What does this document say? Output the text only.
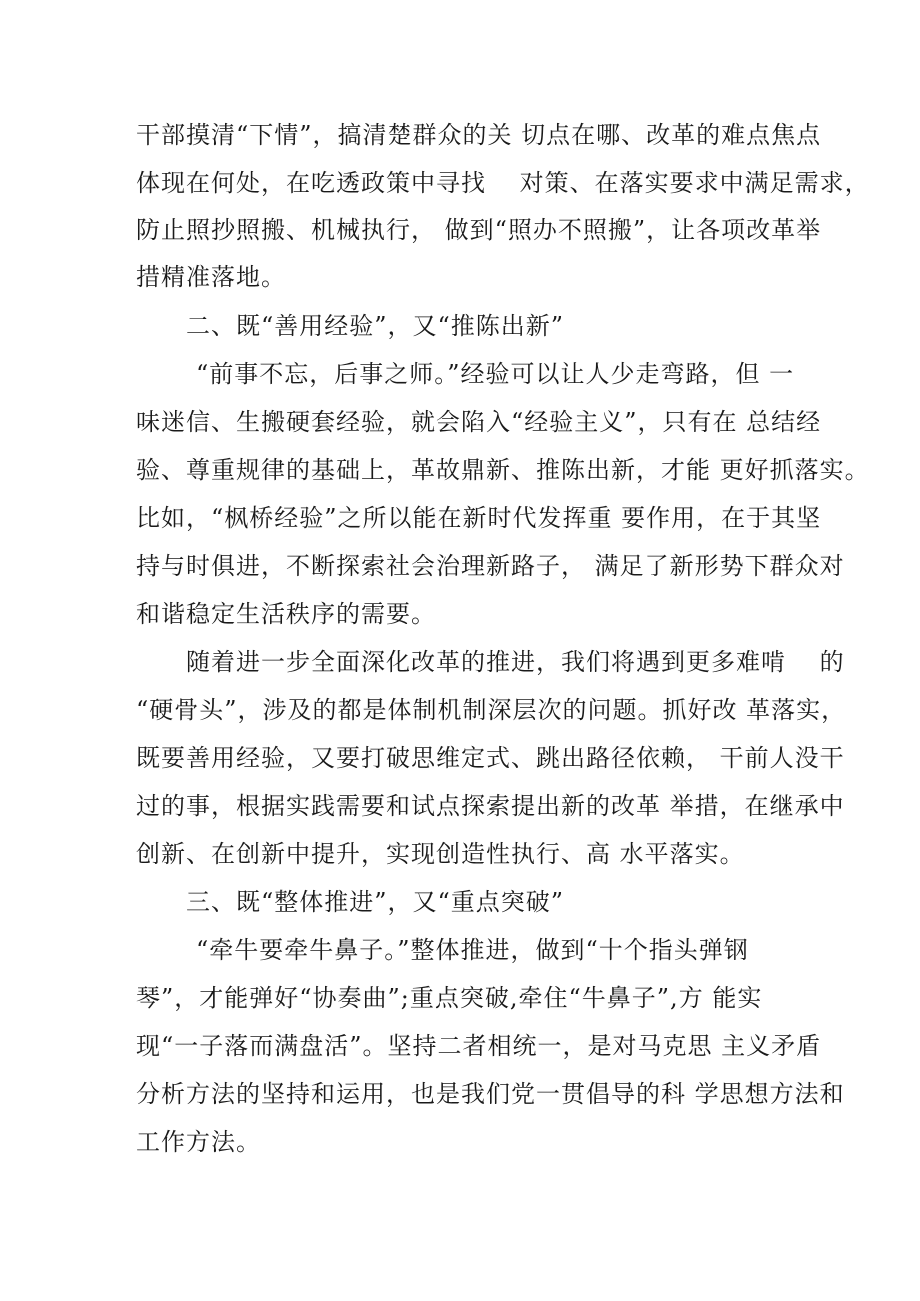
干部摸清“下情”，搞清楚群众的关 切点在哪、改革的难点焦点
体现在何处，在吃透政策中寻找　 对策、在落实要求中满足需求，
防止照抄照搬、机械执行， 做到“照办不照搬”，让各项改革举
措精准落地。
二、既“善用经验”，又“推陈出新”
“前事不忘，后事之师。”经验可以让人少走弯路，但 一
味迷信、生搬硬套经验，就会陷入“经验主义”，只有在 总结经
验、尊重规律的基础上，革故鼎新、推陈出新，才能 更好抓落实。
比如，“枫桥经验”之所以能在新时代发挥重 要作用，在于其坚
持与时俱进，不断探索社会治理新路子， 满足了新形势下群众对
和谐稳定生活秩序的需要。
随着进一步全面深化改革的推进，我们将遇到更多难啃　 的
“硬骨头”，涉及的都是体制机制深层次的问题。抓好改 革落实，
既要善用经验，又要打破思维定式、跳出路径依赖， 干前人没干
过的事，根据实践需要和试点探索提出新的改革 举措，在继承中
创新、在创新中提升，实现创造性执行、高 水平落实。
三、既“整体推进”，又“重点突破”
“牵牛要牵牛鼻子。”整体推进，做到“十个指头弹钢
琴”，才能弹好“协奏曲”;重点突破,牵住“牛鼻子”,方 能实
现“一子落而满盘活”。坚持二者相统一，是对马克思 主义矛盾
分析方法的坚持和运用，也是我们党一贯倡导的科 学思想方法和
工作方法。
